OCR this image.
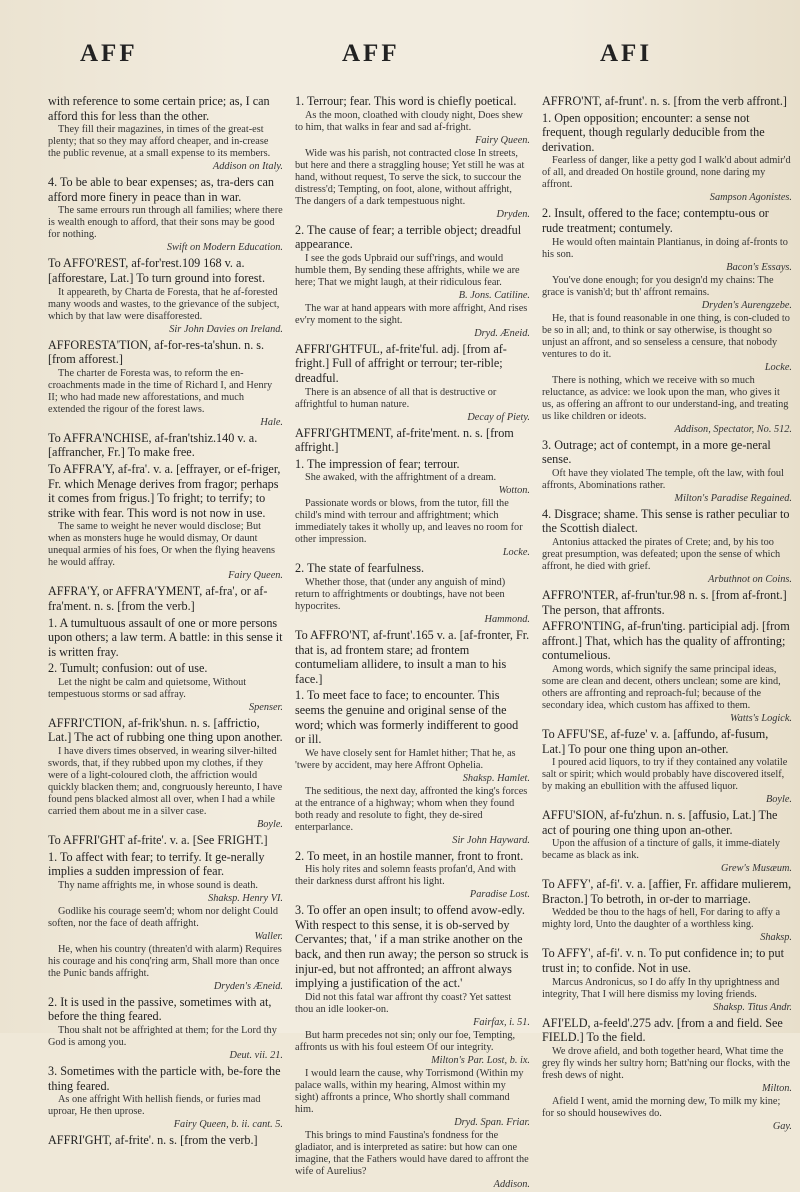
AFF	AFF	AFI

with reference to some certain price; as, I can afford this for less than the other.

They fill their magazines, in times of the great-est plenty; that so they may afford cheaper, and in-crease the public revenue, at a small expense to its members.

Addison on Italy.

4. To be able to bear expenses; as, tra-ders can afford more finery in peace than in war.

The same errours run through all families; where there is wealth enough to afford, that their sons may be good for nothing.

Swift on Modern Education.

To AFFO'REST, af-for'rest.109 168 v. a. [afforestare, Lat.] To turn ground into forest.

It appeareth, by Charta de Foresta, that he af-forested many woods and wastes, to the grievance of the subject, which by that law were disafforested.

Sir John Davies on Ireland.

AFFORESTA'TION, af-for-res-ta'shun. n. s. [from afforest.]

The charter de Foresta was, to reform the en-croachments made in the time of Richard I, and Henry II; who had made new afforestations, and much extended the rigour of the forest laws.

Hale.

To AFFRA'NCHISE, af-fran'tshiz.140 v. a. [affrancher, Fr.] To make free.

To AFFRA'Y, af-fra'. v. a. [effrayer, or ef-friger, Fr. which Menage derives from fragor; perhaps it comes from frigus.] To fright; to terrify; to strike with fear. This word is not now in use.

The same to weight he never would disclose; But when as monsters huge he would dismay, Or daunt unequal armies of his foes, Or when the flying heavens he would affray.

Fairy Queen.

AFFRA'Y, or AFFRA'YMENT, af-fra', or af-fra'ment. n. s. [from the verb.]

1. A tumultuous assault of one or more persons upon others; a law term. A battle: in this sense it is written fray.

2. Tumult; confusion: out of use.

Let the night be calm and quietsome, Without tempestuous storms or sad affray.

Spenser.

AFFRI'CTION, af-frik'shun. n. s. [affrictio, Lat.] The act of rubbing one thing upon another.

I have divers times observed, in wearing silver-hilted swords, that, if they rubbed upon my clothes, if they were of a light-coloured cloth, the affriction would quickly blacken them; and, congruously hereunto, I have found pens blacked almost all over, when I had a while carried them about me in a silver case.

Boyle.

To AFFRI'GHT af-frite'. v. a. [See FRIGHT.]

1. To affect with fear; to terrify. It ge-nerally implies a sudden impression of fear.

Thy name affrights me, in whose sound is death.

Shaksp. Henry VI.

Godlike his courage seem'd; whom nor delight Could soften, nor the face of death affright.

Waller.

He, when his country (threaten'd with alarm) Requires his courage and his conq'ring arm, Shall more than once the Punic bands affright.

Dryden's Æneid.

2. It is used in the passive, sometimes with at, before the thing feared.

Thou shalt not be affrighted at them; for the Lord thy God is among you.

Deut. vii. 21.

3. Sometimes with the particle with, be-fore the thing feared.

As one affright With hellish fiends, or furies mad uproar, He then uprose.

Fairy Queen, b. ii. cant. 5.

AFFRI'GHT, af-frite'. n. s. [from the verb.]

1. Terrour; fear. This word is chiefly poetical.

As the moon, cloathed with cloudy night, Does shew to him, that walks in fear and sad af-fright.

Fairy Queen.

Wide was his parish, not contracted close In streets, but here and there a straggling house; Yet still he was at hand, without request, To serve the sick, to succour the distress'd; Tempting, on foot, alone, without affright, The dangers of a dark tempestuous night.

Dryden.

2. The cause of fear; a terrible object; dreadful appearance.

I see the gods Upbraid our suff'rings, and would humble them, By sending these affrights, while we are here; That we might laugh, at their ridiculous fear.

B. Jons. Catiline.

The war at hand appears with more affright, And rises ev'ry moment to the sight.

Dryd. Æneid.

AFFRI'GHTFUL, af-frite'ful. adj. [from af-fright.] Full of affright or terrour; ter-rible; dreadful.

There is an absence of all that is destructive or affrightful to human nature.

Decay of Piety.

AFFRI'GHTMENT, af-frite'ment. n. s. [from affright.]

1. The impression of fear; terrour.

She awaked, with the affrightment of a dream.

Wotton.

Passionate words or blows, from the tutor, fill the child's mind with terrour and affrightment; which immediately takes it wholly up, and leaves no room for other impression.

Locke.

2. The state of fearfulness.

Whether those, that (under any anguish of mind) return to affrightments or doubtings, have not been hypocrites.

Hammond.

To AFFRO'NT, af-frunt'.165 v. a. [af-fronter, Fr. that is, ad frontem stare; ad frontem contumeliam allidere, to insult a man to his face.]

1. To meet face to face; to encounter. This seems the genuine and original sense of the word; which was formerly indifferent to good or ill.

We have closely sent for Hamlet hither; That he, as 'twere by accident, may here Affront Ophelia.

Shaksp. Hamlet.

The seditious, the next day, affronted the king's forces at the entrance of a highway; whom when they found both ready and resolute to fight, they de-sired enterparlance.

Sir John Hayward.

2. To meet, in an hostile manner, front to front.

His holy rites and solemn feasts profan'd, And with their darkness durst affront his light.

Paradise Lost.

3. To offer an open insult; to offend avow-edly. With respect to this sense, it is ob-served by Cervantes; that, ' if a man strike another on the back, and then run away; the person so struck is injur-ed, but not affronted; an affront always implying a justification of the act.'

Did not this fatal war affront thy coast? Yet sattest thou an idle looker-on.

Fairfax, i. 51.

But harm precedes not sin; only our foe, Tempting, affronts us with his foul esteem Of our integrity.

Milton's Par. Lost, b. ix.

I would learn the cause, why Torrismond (Within my palace walls, within my hearing, Almost within my sight) affronts a prince, Who shortly shall command him.

Dryd. Span. Friar.

This brings to mind Faustina's fondness for the gladiator, and is interpreted as satire: but how can one imagine, that the Fathers would have dared to affront the wife of Aurelius?

Addison.

AFFRO'NT, af-frunt'. n. s. [from the verb affront.]

1. Open opposition; encounter: a sense not frequent, though regularly deducible from the derivation.

Fearless of danger, like a petty god I walk'd about admir'd of all, and dreaded On hostile ground, none daring my affront.

Sampson Agonistes.

2. Insult, offered to the face; contemptu-ous or rude treatment; contumely.

He would often maintain Plantianus, in doing af-fronts to his son.

Bacon's Essays.

You've done enough; for you design'd my chains: The grace is vanish'd; but th' affront remains.

Dryden's Aurengzebe.

He, that is found reasonable in one thing, is con-cluded to be so in all; and, to think or say otherwise, is thought so unjust an affront, and so senseless a censure, that nobody ventures to do it.

Locke.

There is nothing, which we receive with so much reluctance, as advice: we look upon the man, who gives it us, as offering an affront to our understand-ing, and treating us like children or ideots.

Addison, Spectator, No. 512.

3. Outrage; act of contempt, in a more ge-neral sense.

Oft have they violated The temple, oft the law, with foul affronts, Abominations rather.

Milton's Paradise Regained.

4. Disgrace; shame. This sense is rather peculiar to the Scottish dialect.

Antonius attacked the pirates of Crete; and, by his too great presumption, was defeated; upon the sense of which affront, he died with grief.

Arbuthnot on Coins.

AFFRO'NTER, af-frun'tur.98 n. s. [from af-front.] The person, that affronts.

AFFRO'NTING, af-frun'ting. participial adj. [from affront.] That, which has the quality of affronting; contumelious.

Among words, which signify the same principal ideas, some are clean and decent, others unclean; some are kind, others are affronting and reproach-ful; because of the secondary idea, which custom has affixed to them.

Watts's Logick.

To AFFU'SE, af-fuze' v. a. [affundo, af-fusum, Lat.] To pour one thing upon an-other.

I poured acid liquors, to try if they contained any volatile salt or spirit; which would probably have discovered itself, by making an ebullition with the affused liquor.

Boyle.

AFFU'SION, af-fu'zhun. n. s. [affusio, Lat.] The act of pouring one thing upon an-other.

Upon the affusion of a tincture of galls, it imme-diately became as black as ink.

Grew's Musæum.

To AFFY', af-fi'. v. a. [affier, Fr. affidare mulierem, Bracton.] To betroth, in or-der to marriage.

Wedded be thou to the hags of hell, For daring to affy a mighty lord, Unto the daughter of a worthless king.

Shaksp.

To AFFY', af-fi'. v. n. To put confidence in; to put trust in; to confide. Not in use.

Marcus Andronicus, so I do affy In thy uprightness and integrity, That I will here dismiss my loving friends.

Shaksp. Titus Andr.

AFI'ELD, a-feeld'.275 adv. [from a and field. See FIELD.] To the field.

We drove afield, and both together heard, What time the grey fly winds her sultry horn; Batt'ning our flocks, with the fresh dews of night.

Milton.

Afield I went, amid the morning dew, To milk my kine; for so should housewives do.

Gay.
